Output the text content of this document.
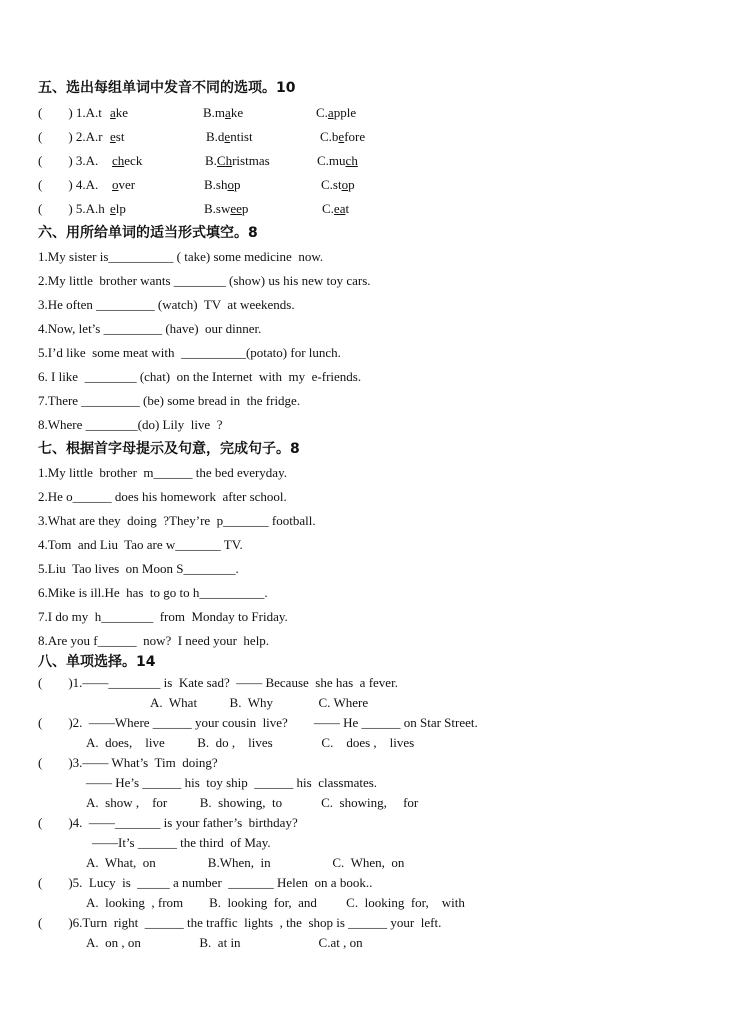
五、选出每组单词中发音不同的选项。10
(        ) 1.A.t ake	B.make	C.apple
(        ) 2.A.r est	B.dentist	C.before
(        ) 3.A. check	B.Christmas	C.much
(        ) 4.A. over	B.shop	C.stop
(        ) 5.A.h elp	B.sweep	C.eat
六、用所给单词的适当形式填空。8
1.My sister is__________ ( take) some medicine  now.
2.My little  brother wants ________ (show) us his new toy cars.
3.He often _________ (watch)  TV  at weekends.
4.Now, let’s _________ (have)  our dinner.
5.I’d like  some meat with  __________(potato) for lunch.
6. I like  ________ (chat)  on the Internet  with  my  e-friends.
7.There _________ (be) some bread in  the fridge.
8.Where ________(do) Lily  live  ?
七、根据首字母提示及句意，完成句子。8
1.My little  brother  m______ the bed everyday.
2.He o______ does his homework  after school.
3.What are they  doing  ?They’re  p_______ football.
4.Tom  and Liu  Tao are w_______ TV.
5.Liu  Tao lives  on Moon S________.
6.Mike is ill.He  has  to go to h__________.
7.I do my  h________  from  Monday to Friday.
8.Are you f______  now?  I need your  help.
八、单项选择。14
(        )1.——________ is  Kate sad?  —— Because  she has  a fever.
A.  What          B.  Why              C. Where
(        )2.  ——Where ______ your cousin  live?        —— He ______ on Star Street.
A.  does,    live          B.  do ,    lives               C.    does ,    lives
(        )3.—— What’s  Tim  doing?
—— He’s ______ his  toy ship  ______ his  classmates.
A.  show ,    for          B.  showing,  to            C.  showing,     for
(        )4.  ——_______ is your father’s  birthday?
——It’s ______ the third  of May.
A.  What,  on                B.When,  in                   C.  When,  on
(        )5.  Lucy  is  _____ a number  _______ Helen  on a book..
A.  looking  , from        B.  looking  for,  and         C.  looking  for,    with
(        )6.Turn  right  ______ the traffic  lights  , the  shop is ______ your  left.
A.  on , on                  B.  at in                        C.at , on
